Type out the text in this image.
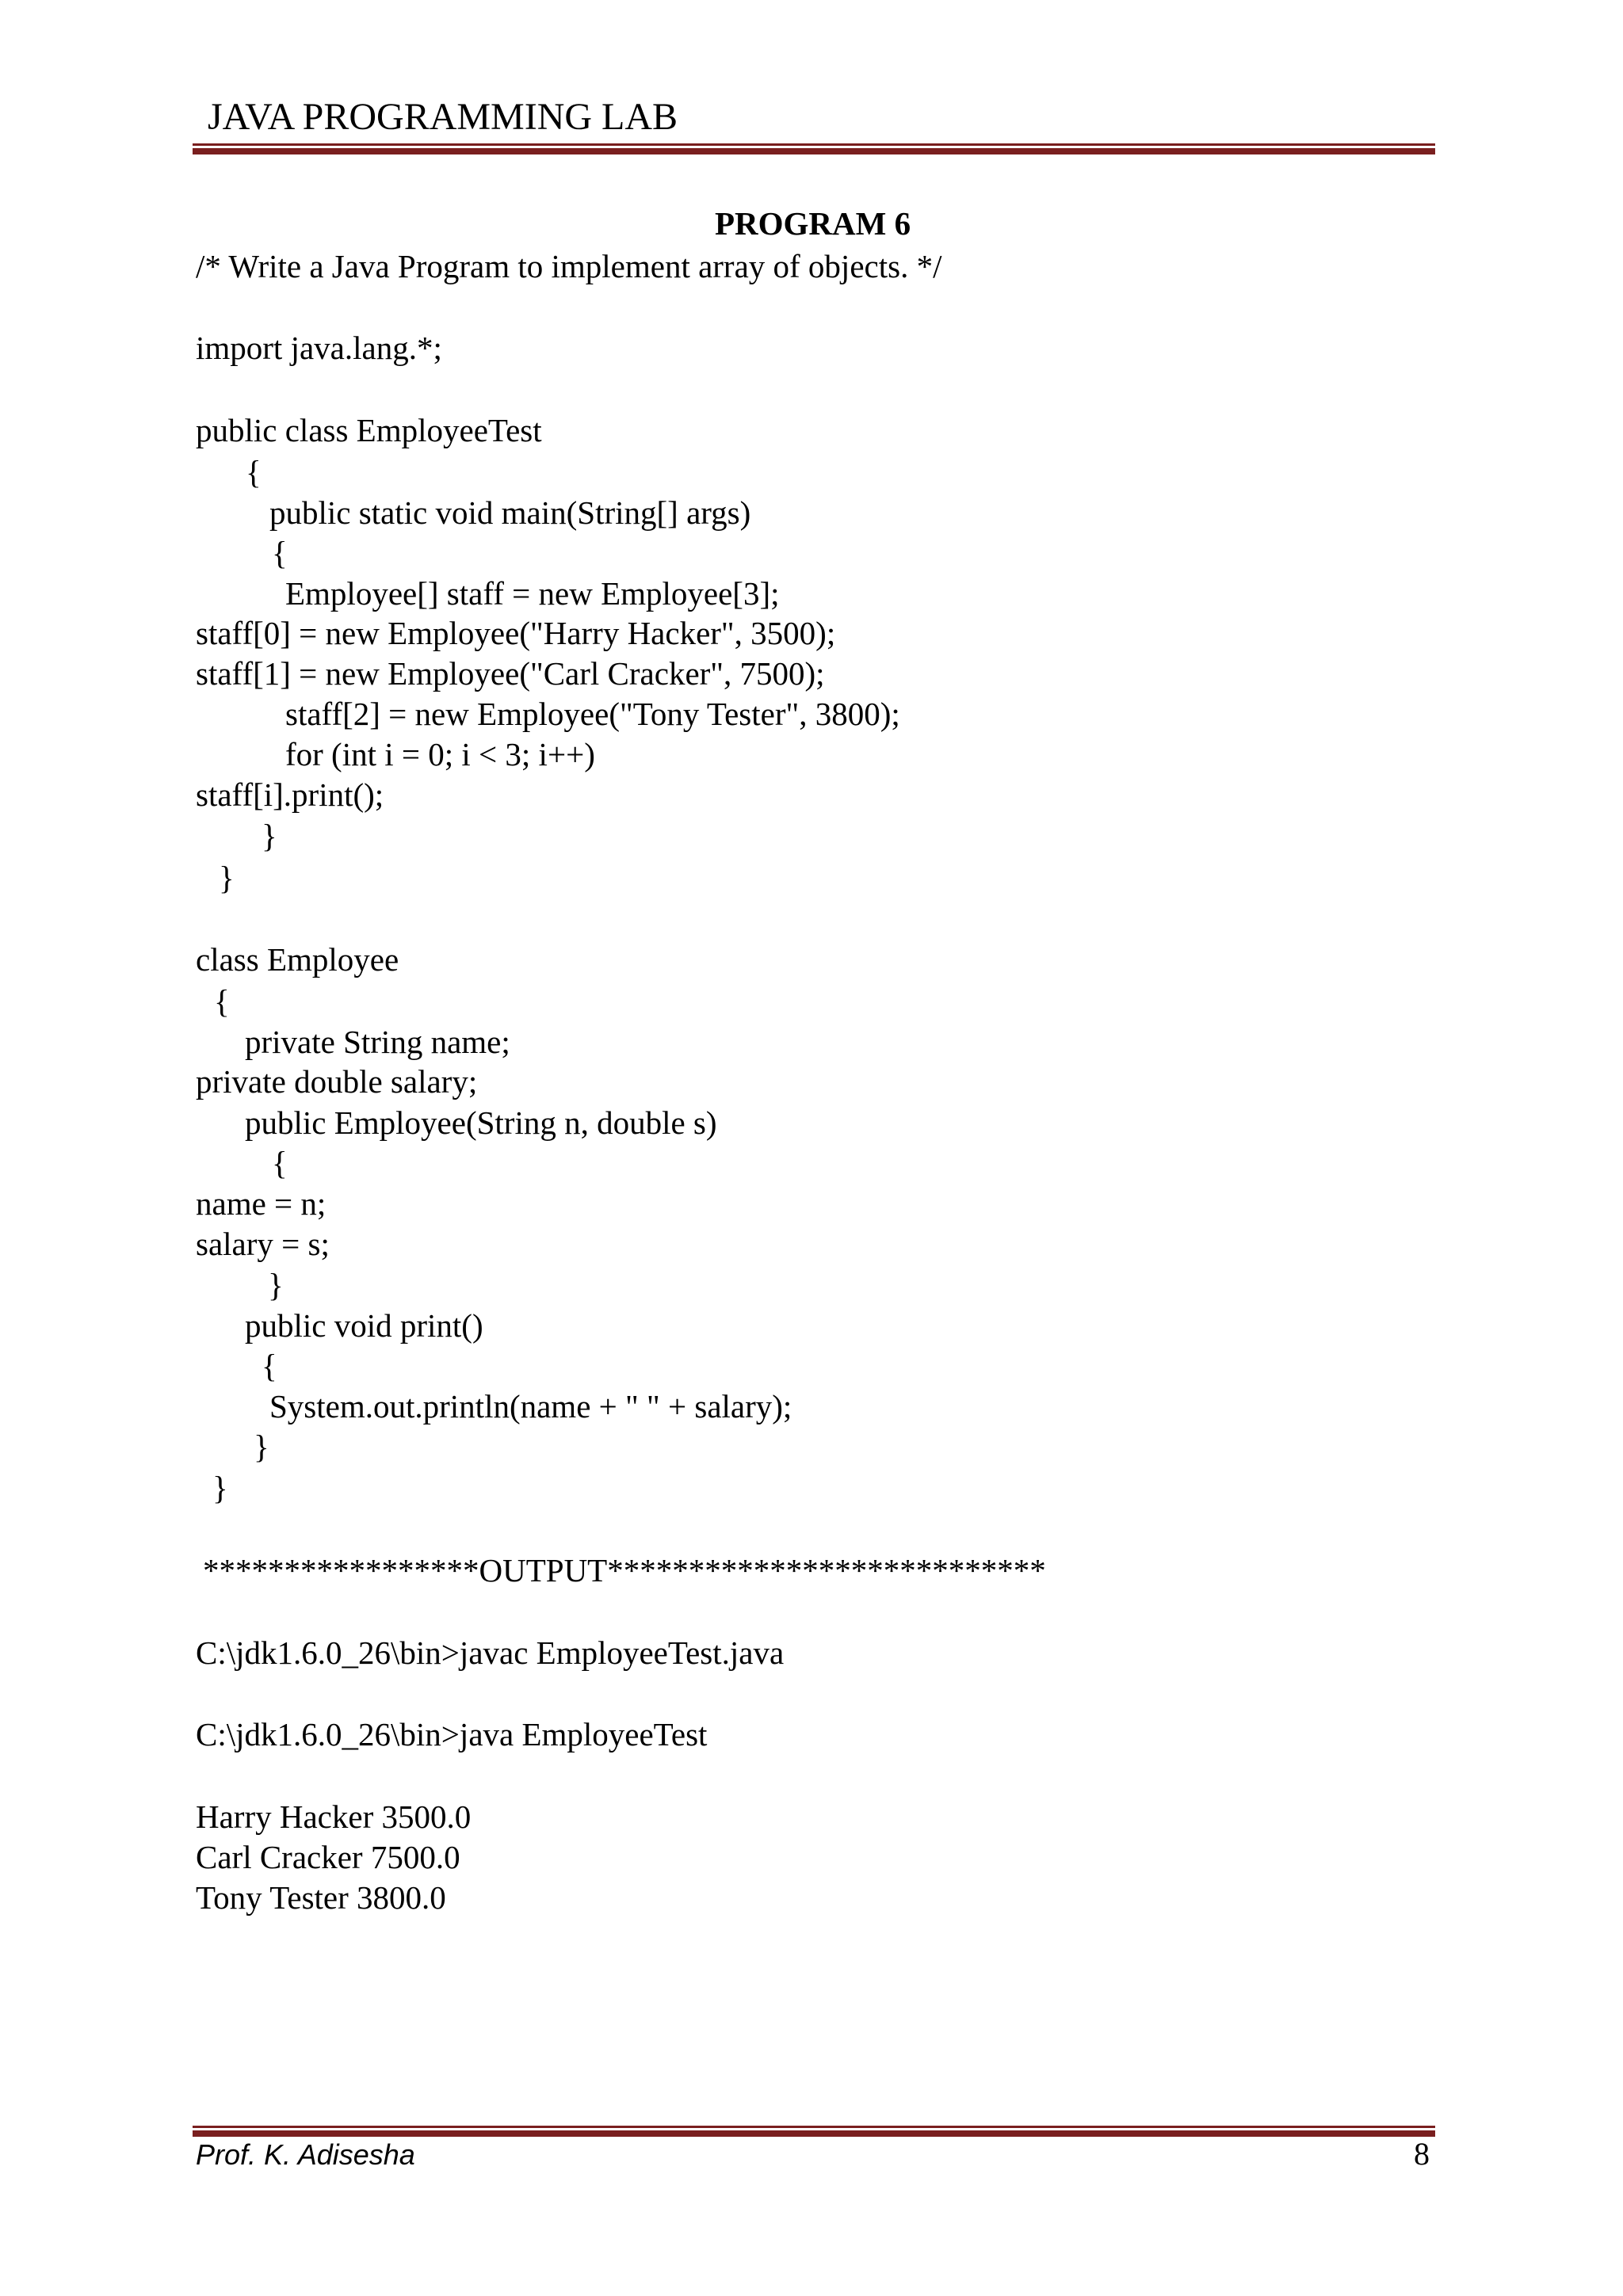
JAVA PROGRAMMING LAB
PROGRAM 6
/* Write a Java Program to implement array of objects. */
import java.lang.*;
public class EmployeeTest
{
public static void main(String[] args)
{
Employee[] staff = new Employee[3];
staff[0] = new Employee("Harry Hacker", 3500);
staff[1] = new Employee("Carl Cracker", 7500);
staff[2] = new Employee("Tony Tester", 3800);
for (int i = 0; i < 3; i++)
staff[i].print();
}
}
class Employee
{
private String name;
private double salary;
public Employee(String n, double s)
{
name = n;
salary = s;
}
public void print()
{
System.out.println(name + " " + salary);
}
}
*****************OUTPUT***************************
C:\jdk1.6.0_26\bin>javac EmployeeTest.java
C:\jdk1.6.0_26\bin>java EmployeeTest
Harry Hacker 3500.0
Carl Cracker 7500.0
Tony Tester 3800.0
Prof. K. Adisesha	8
